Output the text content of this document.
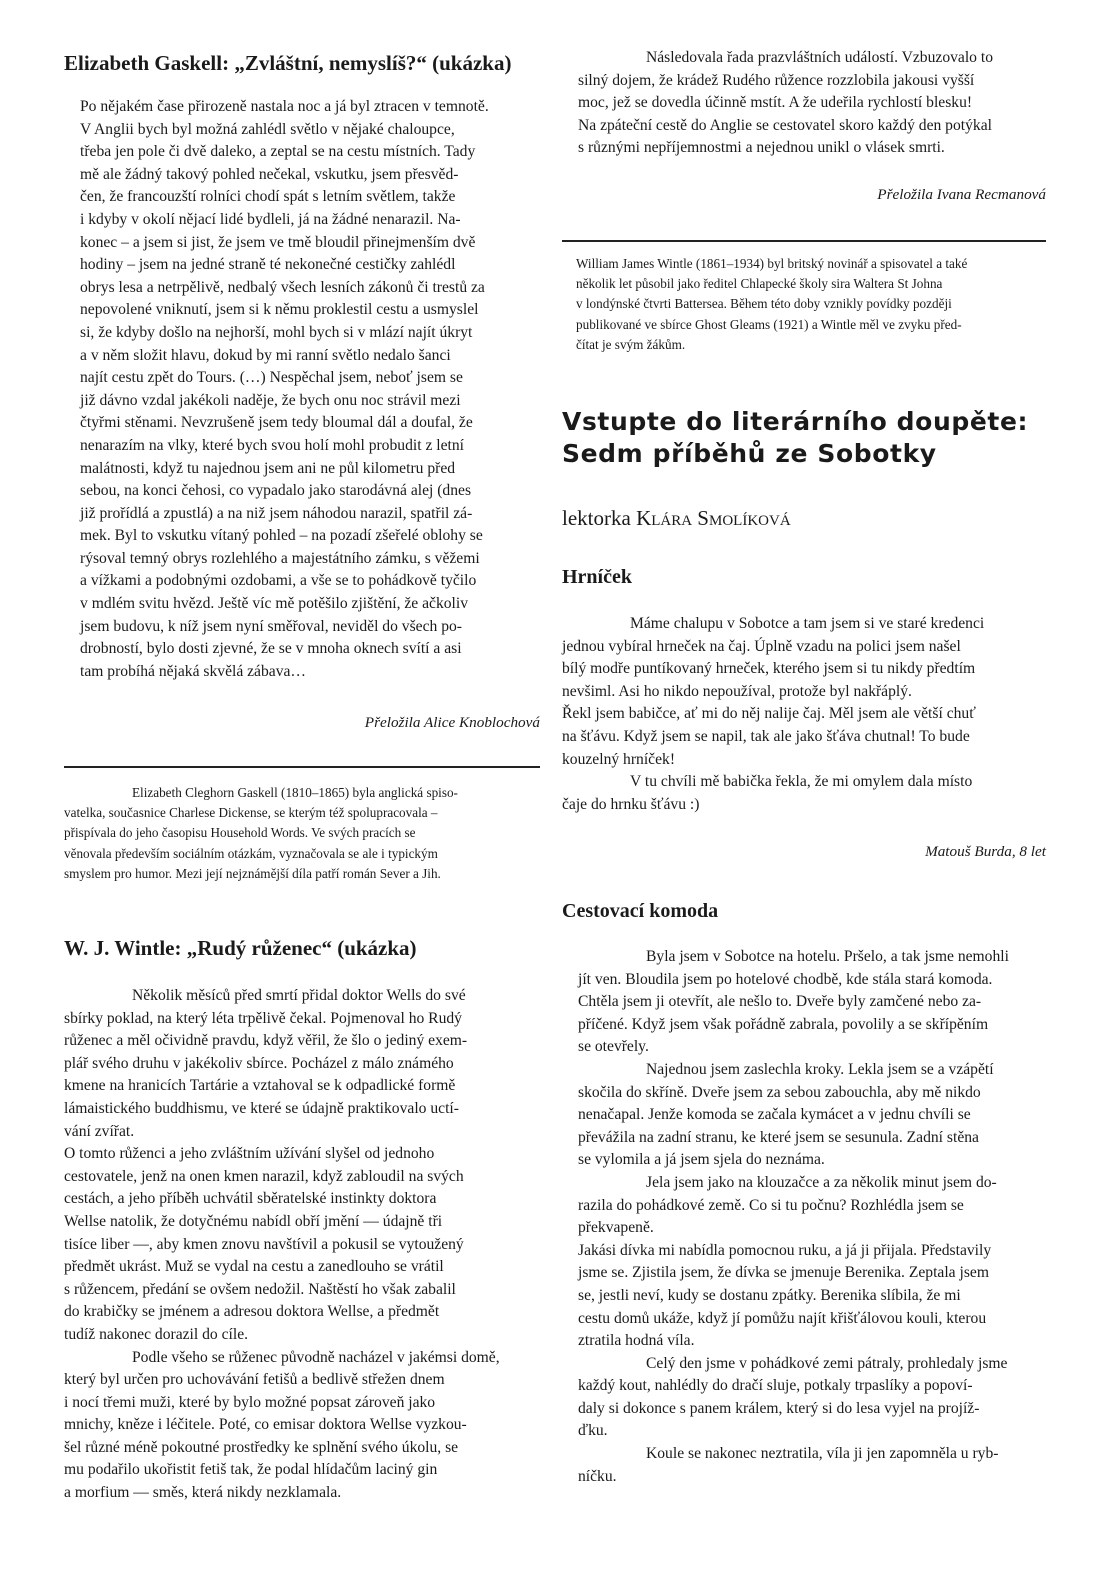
Elizabeth Gaskell: „Zvláštní, nemyslíš?“ (ukázka)

Po nějakém čase přirozeně nastala noc a já byl ztracen v temnotě.

V Anglii bych byl možná zahlédl světlo v nějaké chaloupce,

třeba jen pole či dvě daleko, a zeptal se na cestu místních. Tady

mě ale žádný takový pohled nečekal, vskutku, jsem přesvěd-

čen, že francouzští rolníci chodí spát s letním světlem, takže

i kdyby v okolí nějací lidé bydleli, já na žádné nenarazil. Na-

konec – a jsem si jist, že jsem ve tmě bloudil přinejmenším dvě

hodiny – jsem na jedné straně té nekonečné cestičky zahlédl

obrys lesa a netrpělivě, nedbalý všech lesních zákonů či trestů za

nepovolené vniknutí, jsem si k němu proklestil cestu a usmyslel

si, že kdyby došlo na nejhorší, mohl bych si v mlází najít úkryt

a v něm složit hlavu, dokud by mi ranní světlo nedalo šanci

najít cestu zpět do Tours. (…) Nespěchal jsem, neboť jsem se

již dávno vzdal jakékoli naděje, že bych onu noc strávil mezi

čtyřmi stěnami. Nevzrušeně jsem tedy bloumal dál a doufal, že

nenarazím na vlky, které bych svou holí mohl probudit z letní

malátnosti, když tu najednou jsem ani ne půl kilometru před

sebou, na konci čehosi, co vypadalo jako starodávná alej (dnes

již prořídlá a zpustlá) a na niž jsem náhodou narazil, spatřil zá-

mek. Byl to vskutku vítaný pohled – na pozadí zšeřelé oblohy se

rýsoval temný obrys rozlehlého a majestátního zámku, s věžemi

a vížkami a podobnými ozdobami, a vše se to pohádkově tyčilo

v mdlém svitu hvězd. Ještě víc mě potěšilo zjištění, že ačkoliv

jsem budovu, k níž jsem nyní směřoval, neviděl do všech po-

drobností, bylo dosti zjevné, že se v mnoha oknech svítí a asi

tam probíhá nějaká skvělá zábava…

Přeložila Alice Knoblochová

Elizabeth Cleghorn Gaskell (1810–1865) byla anglická spiso-

vatelka, současnice Charlese Dickense, se kterým též spolupracovala –

přispívala do jeho časopisu Household Words. Ve svých pracích se

věnovala především sociálním otázkám, vyznačovala se ale i typickým

smyslem pro humor. Mezi její nejznámější díla patří román Sever a Jih.

W. J. Wintle: „Rudý růženec“ (ukázka)

Několik měsíců před smrtí přidal doktor Wells do své

sbírky poklad, na který léta trpělivě čekal. Pojmenoval ho Rudý

růženec a měl očividně pravdu, když věřil, že šlo o jediný exem-

plář svého druhu v jakékoliv sbírce. Pocházel z málo známého

kmene na hranicích Tartárie a vztahoval se k odpadlické formě

lámaistického buddhismu, ve které se údajně praktikovalo uctí-

vání zvířat.

O tomto růženci a jeho zvláštním užívání slyšel od jednoho

cestovatele, jenž na onen kmen narazil, když zabloudil na svých

cestách, a jeho příběh uchvátil sběratelské instinkty doktora

Wellse natolik, že dotyčnému nabídl obří jmění — údajně tři

tisíce liber —, aby kmen znovu navštívil a pokusil se vytoužený

předmět ukrást. Muž se vydal na cestu a zanedlouho se vrátil

s růžencem, předání se ovšem nedožil. Naštěstí ho však zabalil

do krabičky se jménem a adresou doktora Wellse, a předmět

tudíž nakonec dorazil do cíle.

Podle všeho se růženec původně nacházel v jakémsi domě,

který byl určen pro uchovávání fetišů a bedlivě střežen dnem

i nocí třemi muži, které by bylo možné popsat zároveň jako

mnichy, kněze i léčitele. Poté, co emisar doktora Wellse vyzkou-

šel různé méně pokoutné prostředky ke splnění svého úkolu, se

mu podařilo ukořistit fetiš tak, že podal hlídačům laciný gin

a morfium — směs, která nikdy nezklamala.

Následovala řada prazvláštních událostí. Vzbuzovalo to

silný dojem, že krádež Rudého růžence rozzlobila jakousi vyšší

moc, jež se dovedla účinně mstít. A že udeřila rychlostí blesku!

Na zpáteční cestě do Anglie se cestovatel skoro každý den potýkal

s různými nepříjemnostmi a nejednou unikl o vlásek smrti.

Přeložila Ivana Recmanová

William James Wintle (1861–1934) byl britský novinář a spisovatel a také

několik let působil jako ředitel Chlapecké školy sira Waltera St Johna

v londýnské čtvrti Battersea. Během této doby vznikly povídky později

publikované ve sbírce Ghost Gleams (1921) a Wintle měl ve zvyku před-

čítat je svým žákům.

Vstupte do literárního doupěte:
Sedm příběhů ze Sobotky

lektorka Klára Smolíková

Hrníček

Máme chalupu v Sobotce a tam jsem si ve staré kredenci

jednou vybíral hrneček na čaj. Úplně vzadu na polici jsem našel

bílý modře puntíkovaný hrneček, kterého jsem si tu nikdy předtím

nevšiml. Asi ho nikdo nepoužíval, protože byl nakřáplý.

Řekl jsem babičce, ať mi do něj nalije čaj. Měl jsem ale větší chuť

na šťávu. Když jsem se napil, tak ale jako šťáva chutnal! To bude

kouzelný hrníček!

V tu chvíli mě babička řekla, že mi omylem dala místo

čaje do hrnku šťávu :)

Matouš Burda, 8 let

Cestovací komoda

Byla jsem v Sobotce na hotelu. Pršelo, a tak jsme nemohli

jít ven. Bloudila jsem po hotelové chodbě, kde stála stará komoda.

Chtěla jsem ji otevřít, ale nešlo to. Dveře byly zamčené nebo za-

příčené. Když jsem však pořádně zabrala, povolily a se skřípěním

se otevřely.

Najednou jsem zaslechla kroky. Lekla jsem se a vzápětí

skočila do skříně. Dveře jsem za sebou zabouchla, aby mě nikdo

nenačapal. Jenže komoda se začala kymácet a v jednu chvíli se

převážila na zadní stranu, ke které jsem se sesunula. Zadní stěna

se vylomila a já jsem sjela do neznáma.

Jela jsem jako na klouzačce a za několik minut jsem do-

razila do pohádkové země. Co si tu počnu? Rozhlédla jsem se

překvapeně.

Jakási dívka mi nabídla pomocnou ruku, a já ji přijala. Představily

jsme se. Zjistila jsem, že dívka se jmenuje Berenika. Zeptala jsem

se, jestli neví, kudy se dostanu zpátky. Berenika slíbila, že mi

cestu domů ukáže, když jí pomůžu najít křišťálovou kouli, kterou

ztratila hodná víla.

Celý den jsme v pohádkové zemi pátraly, prohledaly jsme

každý kout, nahlédly do dračí sluje, potkaly trpaslíky a popoví-

daly si dokonce s panem králem, který si do lesa vyjel na projíž-

ďku.

Koule se nakonec neztratila, víla ji jen zapomněla u ryb-

níčku.
